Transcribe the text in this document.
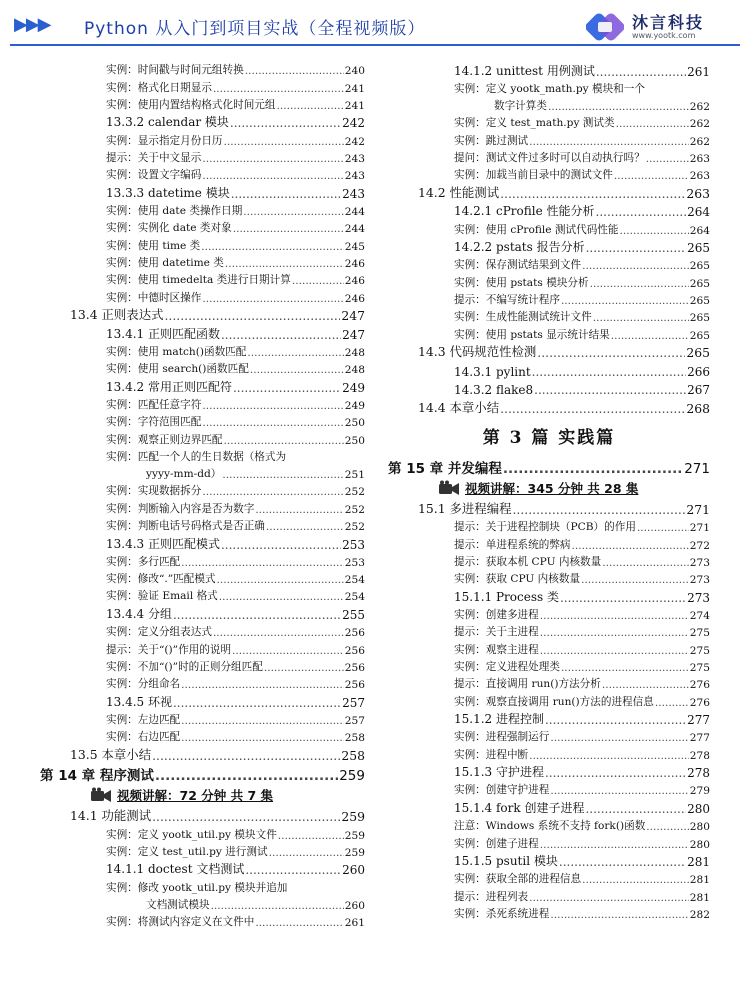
▶▶▶ Python 从入门到项目实战（全程视频版）	沐言科技
www.yootk.com
实例：时间戳与时间元组转换 .....	240
实例：格式化日期显示 .....	241
实例：使用内置结构格式化时间元组 .....	241
13.3.2 calendar 模块 .....	242
实例：显示指定月份日历 .....	242
提示：关于中文显示 .....	243
实例：设置文字编码 .....	243
13.3.3 datetime 模块 .....	243
实例：使用 date 类操作日期 .....	244
实例：实例化 date 类对象 .....	244
实例：使用 time 类 .....	245
实例：使用 datetime 类 .....	246
实例：使用 timedelta 类进行日期计算 .....	246
实例：中德时区操作 .....	246
13.4 正则表达式 .....	247
13.4.1 正则匹配函数 .....	247
实例：使用 match()函数匹配 .....	248
实例：使用 search()函数匹配 .....	248
13.4.2 常用正则匹配符 .....	249
实例：匹配任意字符 .....	249
实例：字符范围匹配 .....	250
实例：观察正则边界匹配 .....	250
实例：匹配一个人的生日数据（格式为
yyyy-mm-dd） .....	251
实例：实现数据拆分 .....	252
实例：判断输入内容是否为数字 .....	252
实例：判断电话号码格式是否正确 .....	252
13.4.3 正则匹配模式 .....	253
实例：多行匹配 .....	253
实例：修改“.”匹配模式 .....	254
实例：验证 Email 格式 .....	254
13.4.4 分组 .....	255
实例：定义分组表达式 .....	256
提示：关于“()”作用的说明 .....	256
实例：不加“()”时的正则分组匹配 .....	256
实例：分组命名 .....	256
13.4.5 环视 .....	257
实例：左边匹配 .....	257
实例：右边匹配 .....	258
13.5 本章小结 .....	258
第 14 章 程序测试 .....	259
视频讲解：72 分钟 共 7 集
14.1 功能测试 .....	259
实例：定义 yootk_util.py 模块文件 .....	259
实例：定义 test_util.py 进行测试 .....	259
14.1.1 doctest 文档测试 .....	260
实例：修改 yootk_util.py 模块并追加
文档测试模块 .....	260
实例：将测试内容定义在文件中 .....	261
14.1.2 unittest 用例测试 .....	261
实例：定义 yootk_math.py 模块和一个
数字计算类 .....	262
实例：定义 test_math.py 测试类 .....	262
实例：跳过测试 .....	262
提问：测试文件过多时可以自动执行吗？ .....	263
实例：加载当前目录中的测试文件 .....	263
14.2 性能测试 .....	263
14.2.1 cProfile 性能分析 .....	264
实例：使用 cProfile 测试代码性能 .....	264
14.2.2 pstats 报告分析 .....	265
实例：保存测试结果到文件 .....	265
实例：使用 pstats 模块分析 .....	265
提示：不编写统计程序 .....	265
实例：生成性能测试统计文件 .....	265
实例：使用 pstats 显示统计结果 .....	265
14.3 代码规范性检测 .....	265
14.3.1 pylint .....	266
14.3.2 flake8 .....	267
14.4 本章小结 .....	268
第 3 篇 实践篇
第 15 章 并发编程 .....	271
视频讲解：345 分钟 共 28 集
15.1 多进程编程 .....	271
提示：关于进程控制块（PCB）的作用 .....	271
提示：单进程系统的弊病 .....	272
提示：获取本机 CPU 内核数量 .....	273
实例：获取 CPU 内核数量 .....	273
15.1.1 Process 类 .....	273
实例：创建多进程 .....	274
提示：关于主进程 .....	275
实例：观察主进程 .....	275
实例：定义进程处理类 .....	275
提示：直接调用 run()方法分析 .....	276
实例：观察直接调用 run()方法的进程信息 .....	276
15.1.2 进程控制 .....	277
实例：进程强制运行 .....	277
实例：进程中断 .....	278
15.1.3 守护进程 .....	278
实例：创建守护进程 .....	279
15.1.4 fork 创建子进程 .....	280
注意：Windows 系统不支持 fork()函数 .....	280
实例：创建子进程 .....	280
15.1.5 psutil 模块 .....	281
实例：获取全部的进程信息 .....	281
提示：进程列表 .....	281
实例：杀死系统进程 .....	282
